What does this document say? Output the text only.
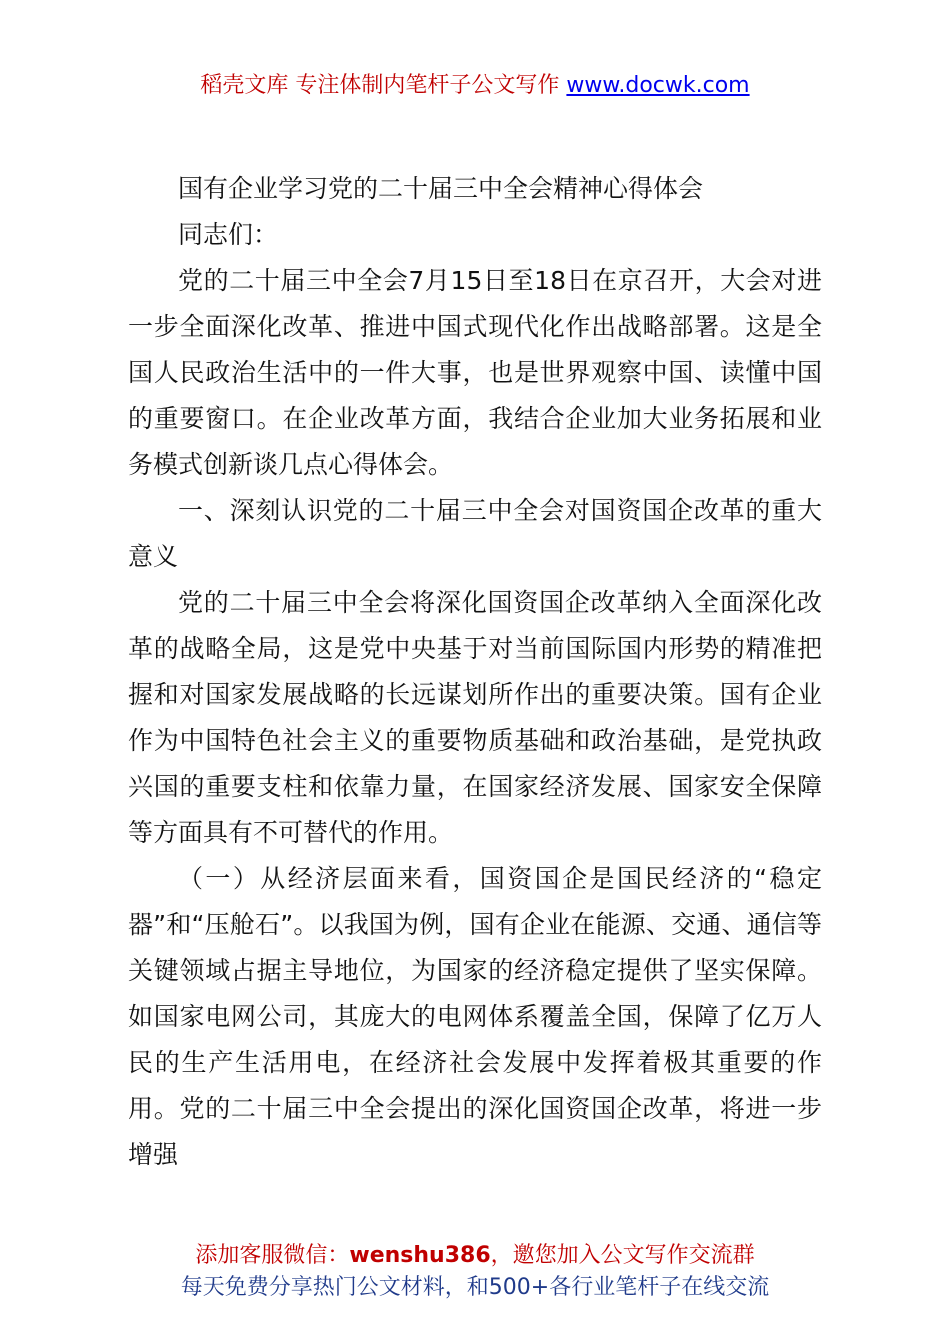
稻壳文库 专注体制内笔杆子公文写作 www.docwk.com

国有企业学习党的二十届三中全会精神心得体会

同志们：

党的二十届三中全会7月15日至18日在京召开，大会对进一步全面深化改革、推进中国式现代化作出战略部署。这是全国人民政治生活中的一件大事，也是世界观察中国、读懂中国的重要窗口。在企业改革方面，我结合企业加大业务拓展和业务模式创新谈几点心得体会。

一、深刻认识党的二十届三中全会对国资国企改革的重大意义

党的二十届三中全会将深化国资国企改革纳入全面深化改革的战略全局，这是党中央基于对当前国际国内形势的精准把握和对国家发展战略的长远谋划所作出的重要决策。国有企业作为中国特色社会主义的重要物质基础和政治基础，是党执政兴国的重要支柱和依靠力量，在国家经济发展、国家安全保障等方面具有不可替代的作用。

（一）从经济层面来看，国资国企是国民经济的“稳定器”和“压舱石”。以我国为例，国有企业在能源、交通、通信等关键领域占据主导地位，为国家的经济稳定提供了坚实保障。如国家电网公司，其庞大的电网体系覆盖全国，保障了亿万人民的生产生活用电，在经济社会发展中发挥着极其重要的作用。党的二十届三中全会提出的深化国资国企改革，将进一步增强

添加客服微信：wenshu386，邀您加入公文写作交流群
每天免费分享热门公文材料，和500+各行业笔杆子在线交流
